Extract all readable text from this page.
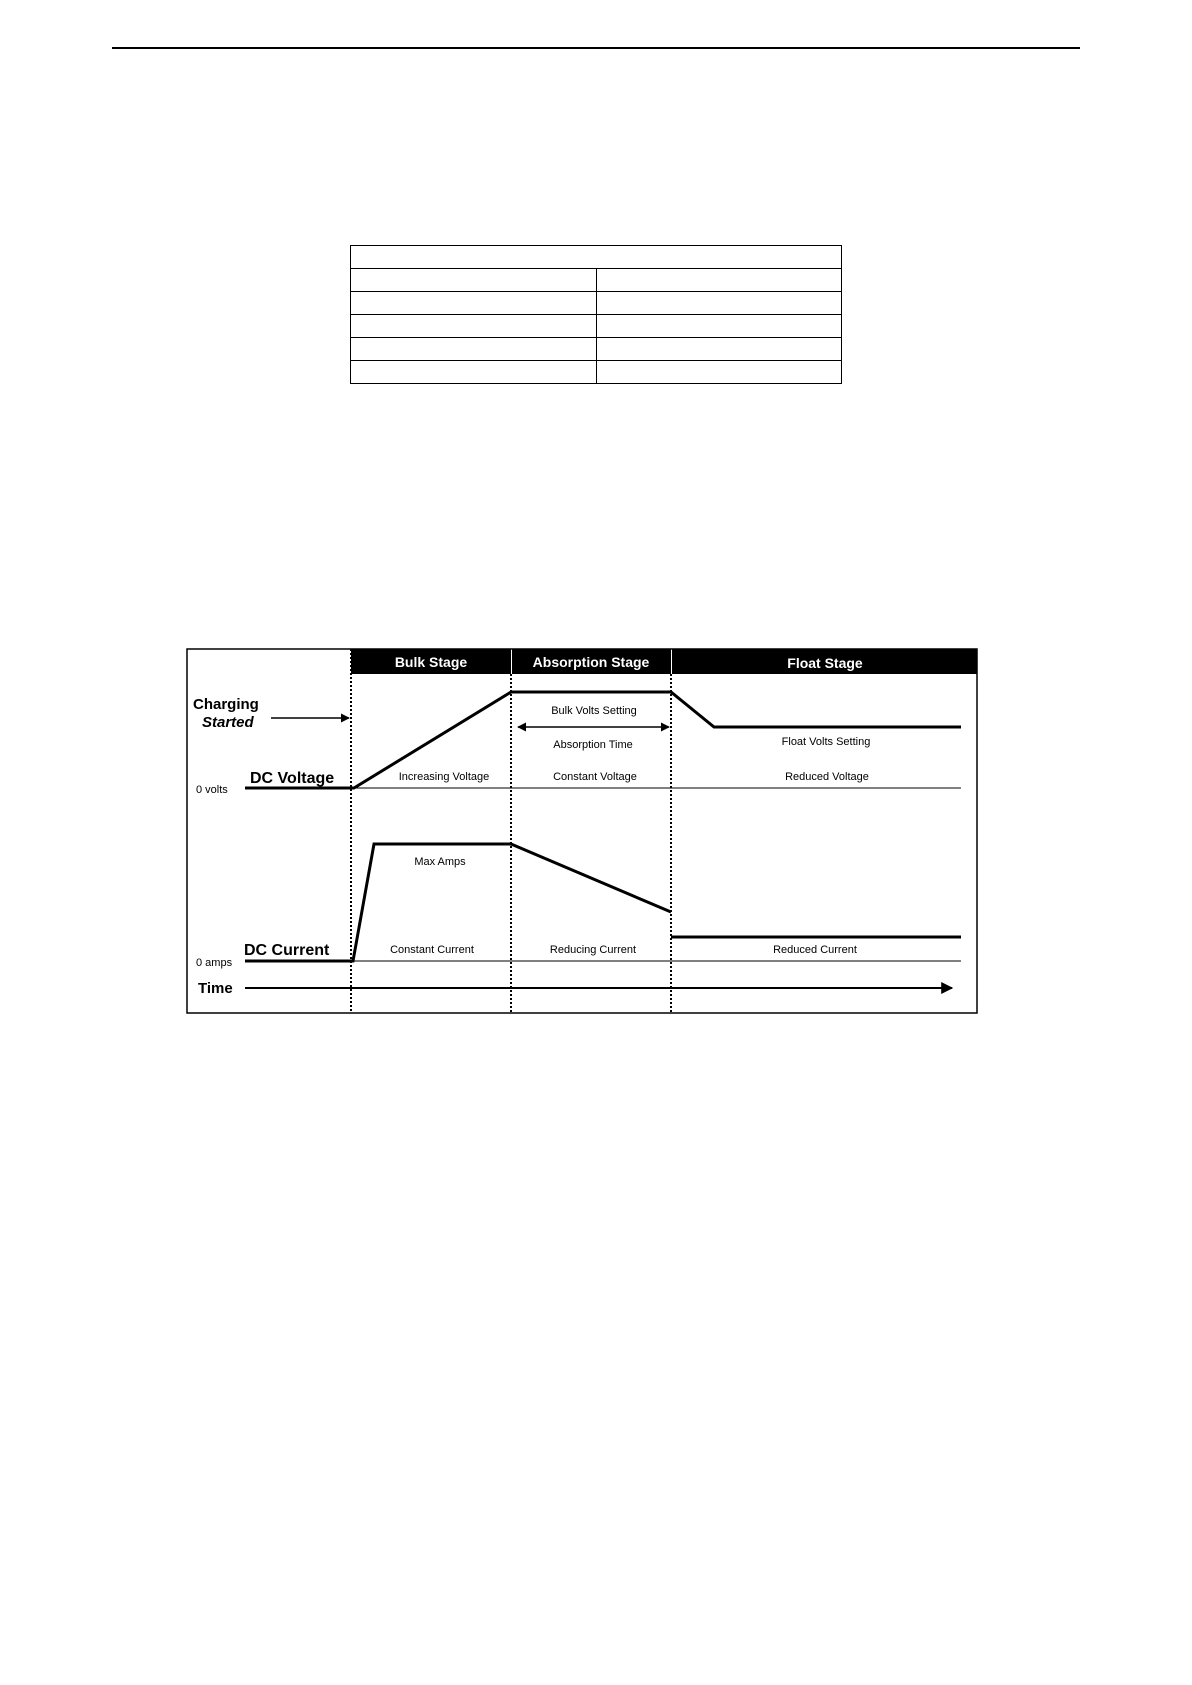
Bulk Stage	Absorption Stage	Float Stage
Charging
Started
0 volts
DC Voltage	Increasing Voltage	Constant Voltage	Reduced Voltage
Bulk Volts Setting
Absorption Time	Float Volts Setting
0 amps
DC Current
Max Amps
Constant Current	Reducing Current	Reduced Current
Time
